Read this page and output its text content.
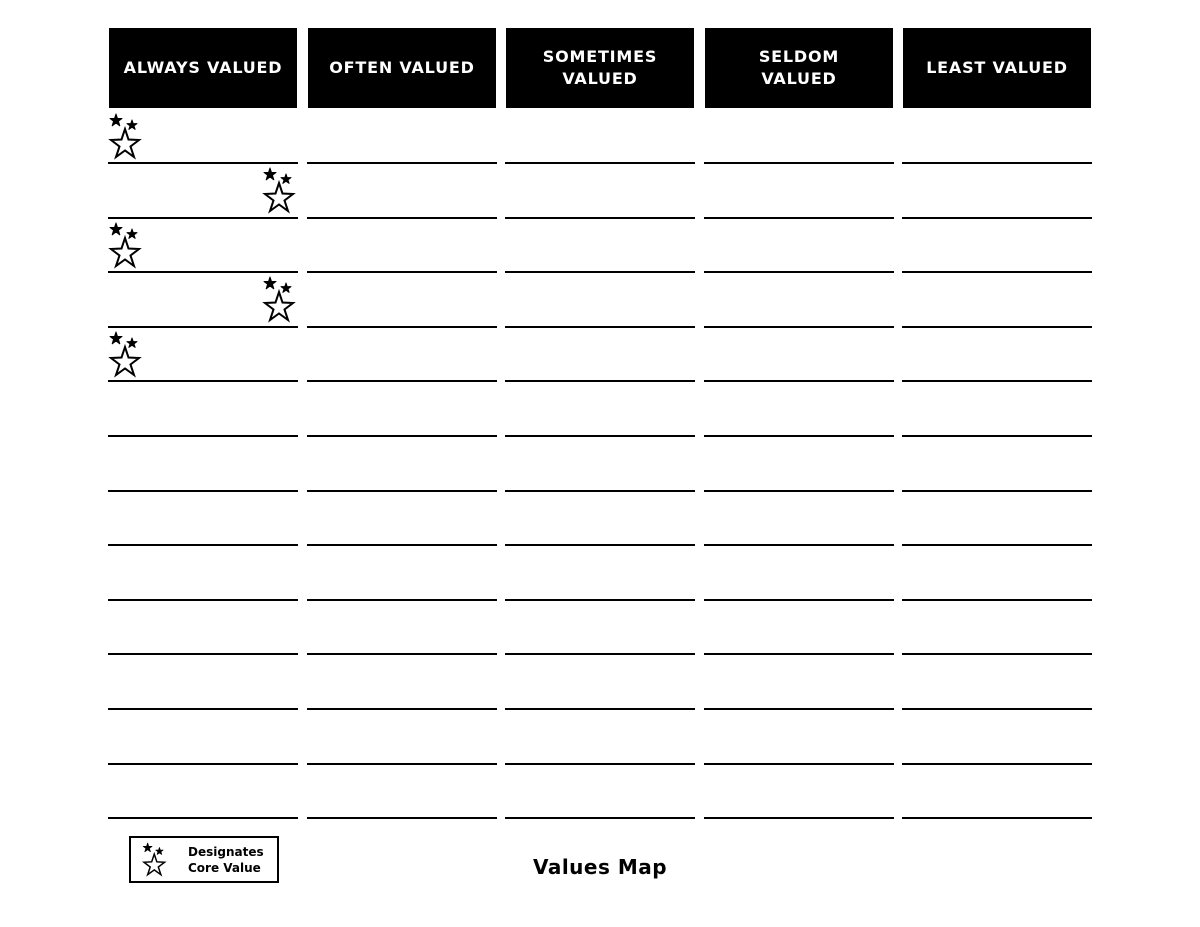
ALWAYS VALUED	OFTEN VALUED
SOMETIMES
VALUED
SELDOM
VALUED
LEAST VALUED
Designates
Core Value	Values Map
